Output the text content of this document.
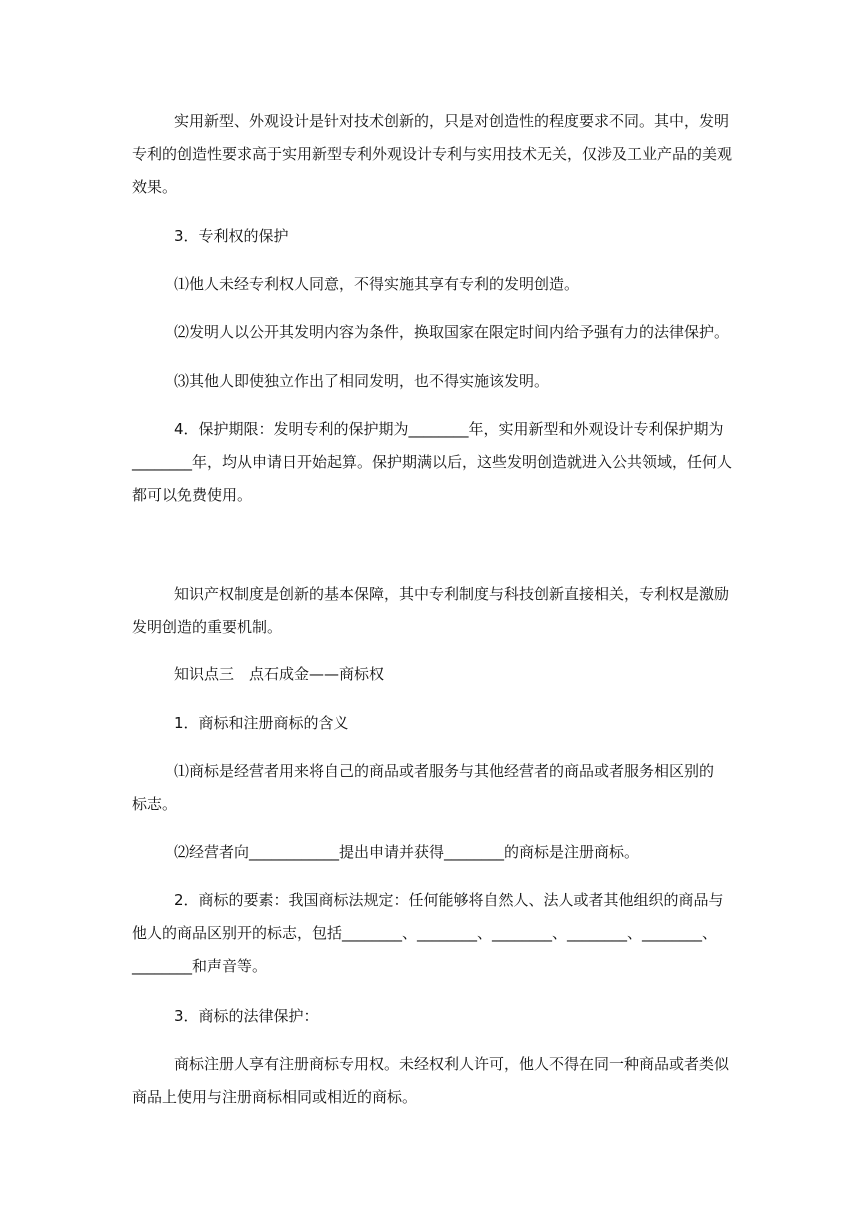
实用新型、外观设计是针对技术创新的，只是对创造性的程度要求不同。其中，发明
专利的创造性要求高于实用新型专利外观设计专利与实用技术无关，仅涉及工业产品的美观
效果。
3．专利权的保护
⑴他人未经专利权人同意，不得实施其享有专利的发明创造。
⑵发明人以公开其发明内容为条件，换取国家在限定时间内给予强有力的法律保护。
⑶其他人即使独立作出了相同发明，也不得实施该发明。
4．保护期限：发明专利的保护期为________年，实用新型和外观设计专利保护期为
________年，均从申请日开始起算。保护期满以后，这些发明创造就进入公共领域，任何人
都可以免费使用。
知识产权制度是创新的基本保障，其中专利制度与科技创新直接相关，专利权是激励
发明创造的重要机制。
知识点三　点石成金——商标权
1．商标和注册商标的含义
⑴商标是经营者用来将自己的商品或者服务与其他经营者的商品或者服务相区别的
标志。
⑵经营者向____________提出申请并获得________的商标是注册商标。
2．商标的要素：我国商标法规定：任何能够将自然人、法人或者其他组织的商品与
他人的商品区别开的标志，包括________、________、________、________、________、
________和声音等。
3．商标的法律保护：
商标注册人享有注册商标专用权。未经权利人许可，他人不得在同一种商品或者类似
商品上使用与注册商标相同或相近的商标。
